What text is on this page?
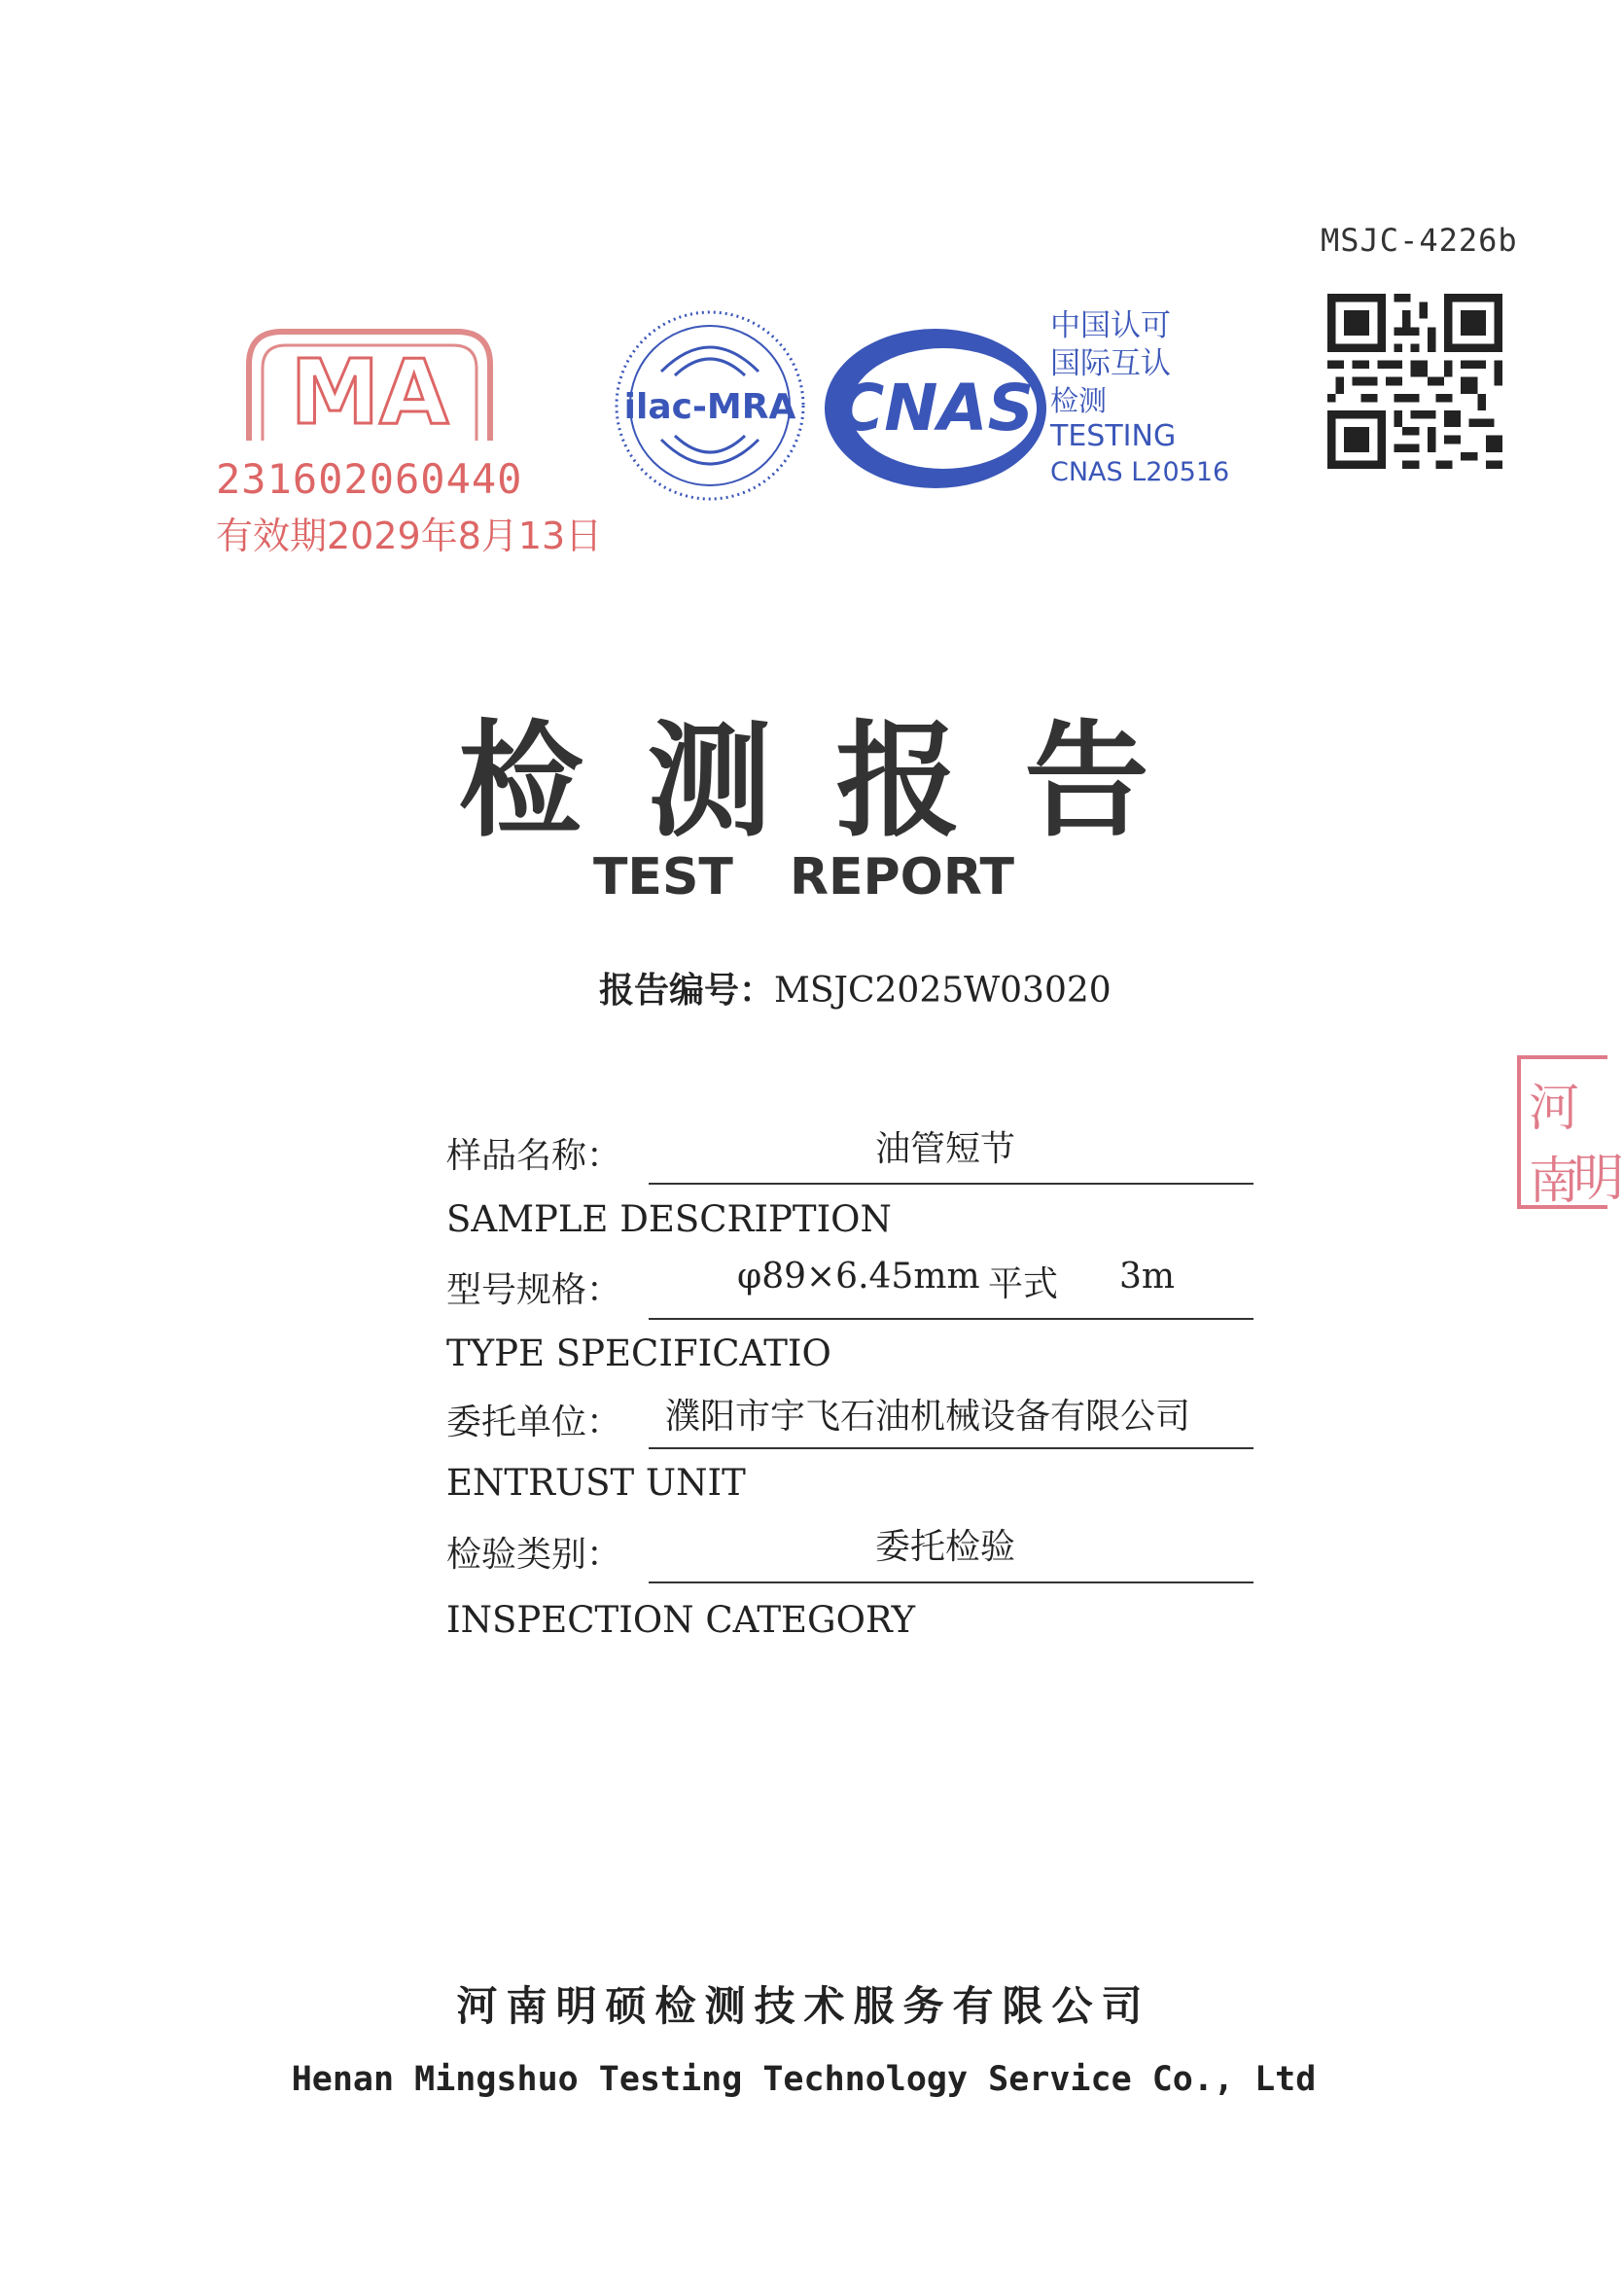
MSJC-4226b
MA
231602060440
有效期2029年8月13日
ilac-MRA CNAS
中国认可
国际互认
检测
TESTING
CNAS L20516
河南
明
检测报告
TEST REPORT
报告编号：MSJC2025W03020
样品名称：	油管短节
SAMPLE DESCRIPTION
型号规格：	φ89×6.45mm 平式 3m
TYPE SPECIFICATIO
委托单位： 濮阳市宇飞石油机械设备有限公司
ENTRUST UNIT
检验类别：	委托检验
INSPECTION CATEGORY
河南明硕检测技术服务有限公司
Henan Mingshuo Testing Technology Service Co., Ltd
